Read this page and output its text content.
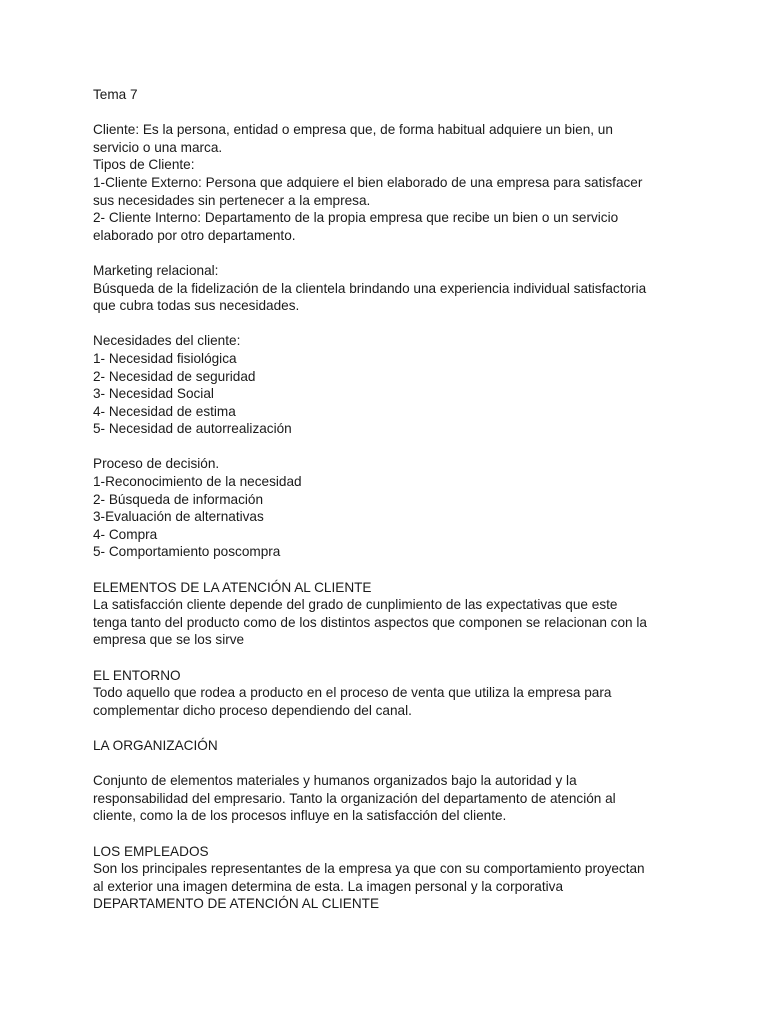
Tema 7
Cliente: Es la persona, entidad o empresa que, de forma habitual adquiere un bien, un
servicio o una marca.
Tipos de Cliente:
1-Cliente Externo: Persona que adquiere el bien elaborado de una empresa para satisfacer
sus necesidades sin pertenecer a la empresa.
2- Cliente Interno: Departamento de la propia empresa que recibe un bien o un servicio
elaborado por otro departamento.
Marketing relacional:
Búsqueda de la fidelización de la clientela brindando una experiencia individual satisfactoria
que cubra todas sus necesidades.
Necesidades del cliente:
1- Necesidad fisiológica
2- Necesidad de seguridad
3- Necesidad Social
4- Necesidad de estima
5- Necesidad de autorrealización
Proceso de decisión.
1-Reconocimiento de la necesidad
2- Búsqueda de información
3-Evaluación de alternativas
4- Compra
5- Comportamiento poscompra
ELEMENTOS DE LA ATENCIÓN AL CLIENTE
La satisfacción cliente depende del grado de cunplimiento de las expectativas que este
tenga tanto del producto como de los distintos aspectos que componen se relacionan con la
empresa que se los sirve
EL ENTORNO
Todo aquello que rodea a producto en el proceso de venta que utiliza la empresa para
complementar dicho proceso dependiendo del canal.
LA ORGANIZACIÓN
Conjunto de elementos materiales y humanos organizados bajo la autoridad y la
responsabilidad del empresario. Tanto la organización del departamento de atención al
cliente, como la de los procesos influye en la satisfacción del cliente.
LOS EMPLEADOS
Son los principales representantes de la empresa ya que con su comportamiento proyectan
al exterior una imagen determina de esta. La imagen personal y la corporativa
DEPARTAMENTO DE ATENCIÓN AL CLIENTE
